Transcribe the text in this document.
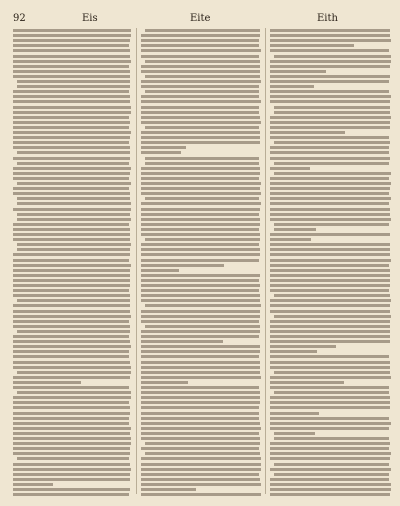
92	Eis	Eite	Eith
